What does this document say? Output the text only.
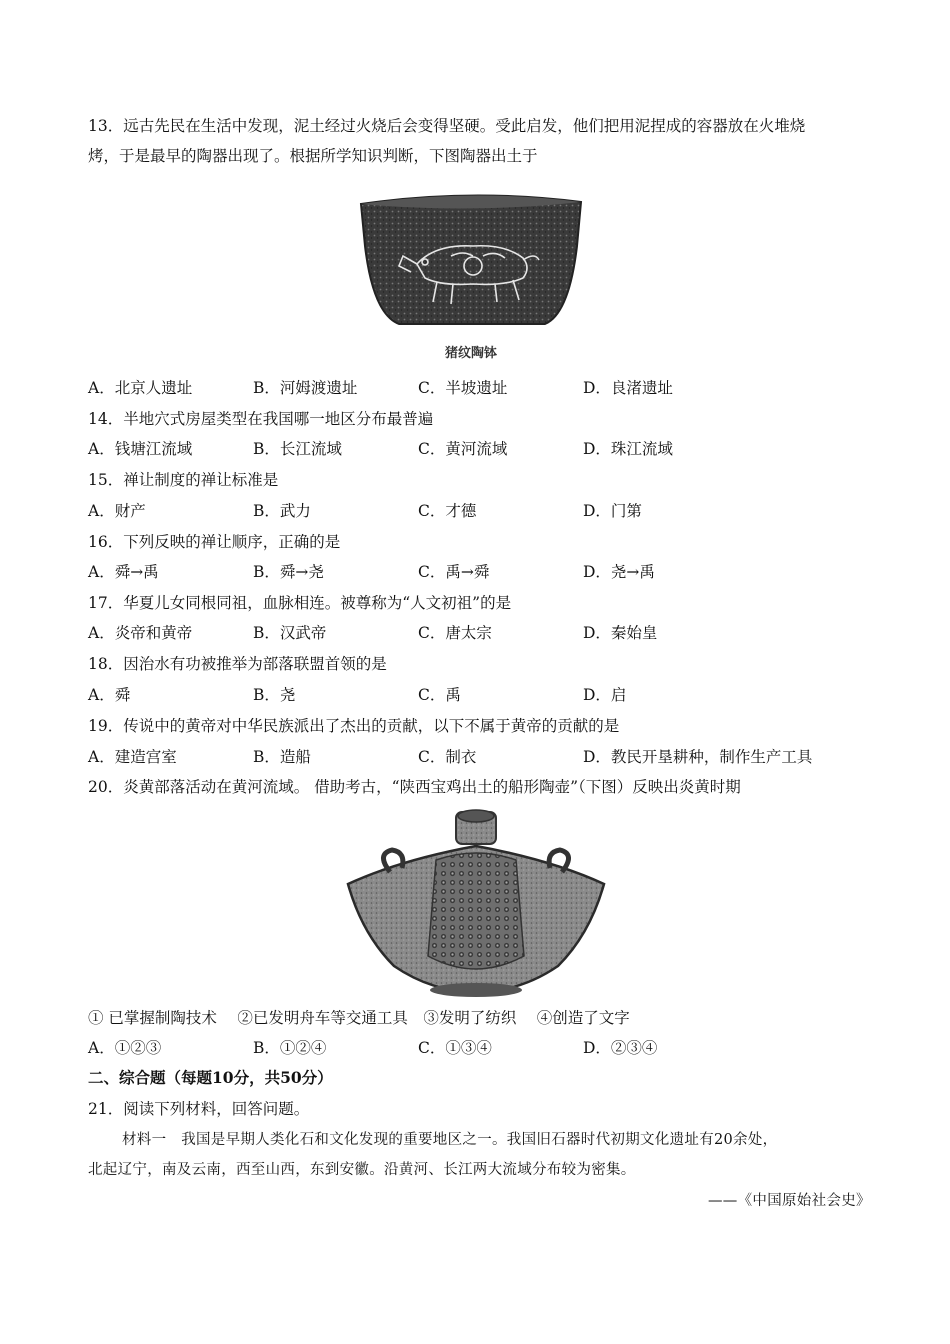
13．远古先民在生活中发现，泥土经过火烧后会变得坚硬。受此启发，他们把用泥捏成的容器放在火堆烧
烤，于是最早的陶器出现了。根据所学知识判断，下图陶器出土于
猪纹陶钵
A．北京人遗址	B．河姆渡遗址	C．半坡遗址	D．良渚遗址
14．半地穴式房屋类型在我国哪一地区分布最普遍
A．钱塘江流域	B．长江流域	C．黄河流域	D．珠江流域
15．禅让制度的禅让标准是
A．财产	B．武力	C．才德	D．门第
16．下列反映的禅让顺序，正确的是
A．舜→禹	B．舜→尧	C．禹→舜	D．尧→禹
17．华夏儿女同根同祖，血脉相连。被尊称为“人文初祖”的是
A．炎帝和黄帝	B．汉武帝	C．唐太宗	D．秦始皇
18．因治水有功被推举为部落联盟首领的是
A．舜	B．尧	C．禹	D．启
19．传说中的黄帝对中华民族派出了杰出的贡献，以下不属于黄帝的贡献的是
A．建造宫室	B．造船	C．制衣	D．教民开垦耕种，制作生产工具
20．炎黄部落活动在黄河流域。 借助考古，“陕西宝鸡出土的船形陶壶”（下图）反映出炎黄时期
① 已掌握制陶技术　 ②已发明舟车等交通工具　③发明了纺织　 ④创造了文字
A．①②③	B．①②④	C．①③④	D．②③④
二、综合题（每题10分，共50分）
21．阅读下列材料，回答问题。
材料一　我国是早期人类化石和文化发现的重要地区之一。我国旧石器时代初期文化遗址有20余处，
北起辽宁，南及云南，西至山西，东到安徽。沿黄河、长江两大流域分布较为密集。
——《中国原始社会史》
